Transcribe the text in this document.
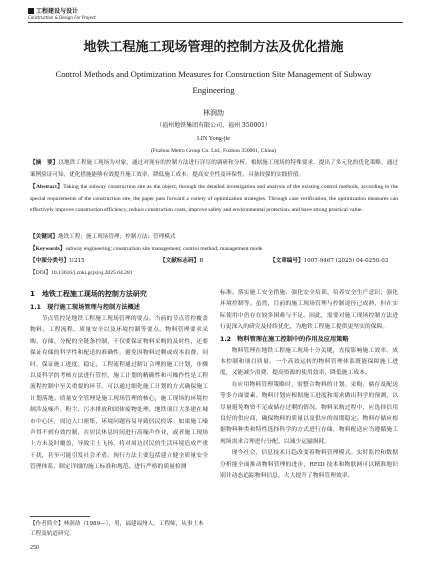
工程建设与设计
Construction & Design For Project
地铁工程施工现场管理的控制方法及优化措施
Control Methods and Optimization Measures for Construction Site Management of Subway Engineering
林润劼
（福州地铁集团有限公司，福州 350001）
LIN Yong-jie
(Fuzhou Metro Group Co. Ltd., Fuzhou 350001, China)
【摘　要】以地铁工程施工现场为对象，通过对现有的控制方法进行详尽的调研和分析，根据施工现场的特殊要求，提出了多元化的优化策略。通过案例验证可知，优化措施能够有效提升施工效率，降低施工成本，提高安全性及环保性，具备较强的实践价值。
【Abstract】Taking the subway construction site as the object, through the detailed investigation and analysis of the existing control methods, according to the special requirements of the construction site, the paper puts forward a variety of optimization strategies. Through case verification, the optimization measures can effectively improve construction efficiency, reduce construction costs, improve safety and environmental protection, and have strong practical value.
【关键词】地铁工程；施工现场管理；控制方法；管理模式
【Keywords】subway engineering; construction site management; control method; management mode
【中图分类号】U215	【文献标志码】B	【文章编号】1007-9467 (2025) 04-0250-03
【DOI】10.13616/j.cnki.gcjsysj.2025.04.281
1　地铁工程施工现场的控制方法研究
1.1　现行施工现场管理与控制方法概述

节点管控是地铁工程施工现场管理的要点。当前的节点管控覆盖物料、工程流程、质量安全以及环境控制等要点。物料管理要求采购、存储、分配的全链条控制，不仅要保证物料采购的及时性，还要保证存储的科学性和配送的准确性，避免因物料过剩或成本浪费，同时，保证施工进度。稳定、工程流程通过制订合理的施工计划，步骤以及科学的考核方法进行管控，施工计划的精确性和可操作性是工程流程控制中至关重要的环节。可以通过细化施工计划的方式确保施工计划落地。质量安全管理是施工现场管理的核心，施工现场的环境控制涉及噪声、粉尘、污水排放和固体废物处理。地铁项目大多建在城市中心区，周边人口密集，环境问题容易导致居民投诉。如果施工噪声得不到有效控制，在居民休息时间进行高噪声作业，或者施工现场上方未及时覆盖，导致尘土飞扬，将对周边居民的生活环境造成严重干扰，甚至可能引发社会矛盾。现行方法主要包括建立健全质量安全管理体系、制定详细的施工标准和规范、进行严格的质量检测

标准、落实施工安全措施、强化安全培训、培养安全生产意识、强化环境控制等。虽然，目前的施工现场管理与控制途径已成熟，但在实际使用中仍存在较多困难与不足。因此，需要对施工现场控制方法进行更深入的研究及持续优化，为地铁工程施工提供更坚实的保障。

1.2　物料管理在施工控制中的作用及应用策略

物料管理在地铁工程施工现场十分关键，直接影响施工效率、成本控制和项目质量。一个高效运转的物料管理体系既能保障施工进度，又能减少浪费，提高资源的使用效率，降低施工成本。

在应用物料管理策略时，需整合物料的计划、采购、储存及配送等多方面要素。物料计划应根据施工进度和需求做出科学的预测，以尽量避免物资不足或储存过剩的情况。物料采购过程中，应选择信用良好的供应商，确保物料的质量以及供应的周期稳定。物料存储应根据物料种类和特性选择科学的方式进行存储，物料配送应当遵循施工现场需求合理进行分配，以减少运输损耗。

现今社会，信息技术日趋改变着物料管理模式。实时监控和数据分析能全面推动物料管理的进步，RFID 技术和物联网可以精准地识别并动态追踪物料信息，大大提升了物料管理效率。

【作者简介】林润劼（1989—），男，福建福州人，工程师，从事土木工程及轨道研究。
250
